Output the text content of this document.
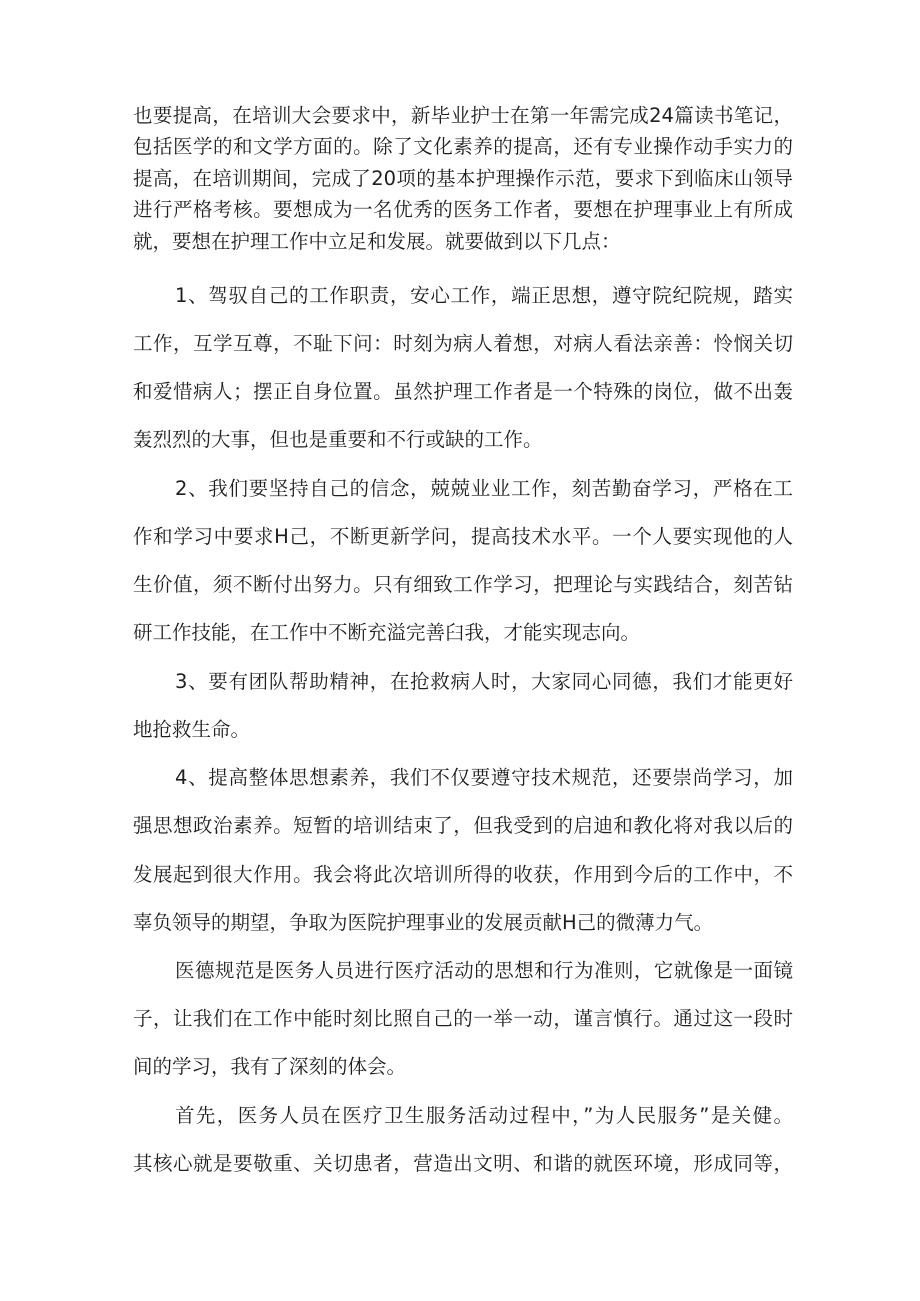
也要提高，在培训大会要求中，新毕业护士在第一年需完成24篇读书笔记，
包括医学的和文学方面的。除了文化素养的提高，还有专业操作动手实力的
提高，在培训期间，完成了20项的基本护理操作示范，要求下到临床山领导
进行严格考核。要想成为一名优秀的医务工作者，要想在护理事业上有所成
就，要想在护理工作中立足和发展。就要做到以下几点：
1、驾驭自己的工作职责，安心工作，端正思想，遵守院纪院规，踏实
工作，互学互尊，不耻下问：时刻为病人着想，对病人看法亲善：怜悯关切
和爱惜病人；摆正自身位置。虽然护理工作者是一个特殊的岗位，做不出轰
轰烈烈的大事，但也是重要和不行或缺的工作。
2、我们要坚持自己的信念，兢兢业业工作，刻苦勤奋学习，严格在工
作和学习中要求H己，不断更新学问，提高技术水平。一个人要实现他的人
生价值，须不断付出努力。只有细致工作学习，把理论与实践结合，刻苦钻
研工作技能，在工作中不断充溢完善臼我，才能实现志向。
3、要有团队帮助精神，在抢救病人时，大家同心同德，我们才能更好
地抢救生命。
4、提高整体思想素养，我们不仅要遵守技术规范，还要崇尚学习，加
强思想政治素养。短暂的培训结束了，但我受到的启迪和教化将对我以后的
发展起到很大作用。我会将此次培训所得的收获，作用到今后的工作中，不
辜负领导的期望，争取为医院护理事业的发展贡献H己的微薄力气。
医德规范是医务人员进行医疗活动的思想和行为准则，它就像是一面镜
子，让我们在工作中能时刻比照自己的一举一动，谨言慎行。通过这一段时
间的学习，我有了深刻的体会。
首先，医务人员在医疗卫生服务活动过程中，”为人民服务”是关健。
其核心就是要敬重、关切患者，营造出文明、和谐的就医环境，形成同等，
